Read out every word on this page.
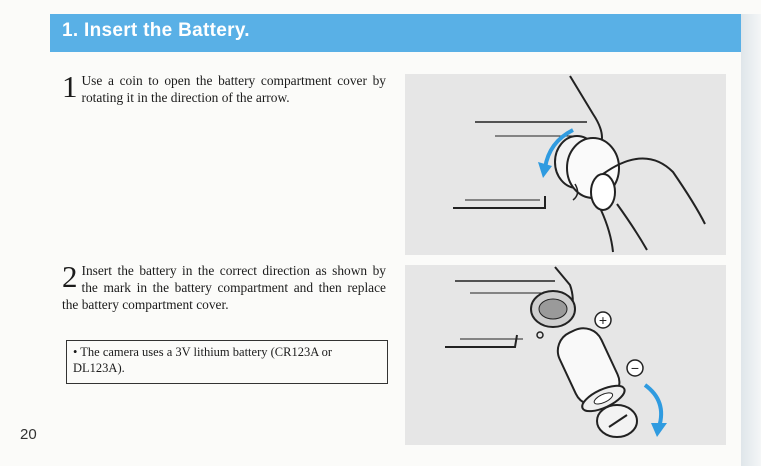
1. Insert the Battery.
1 Use a coin to open the battery compartment cover by rotating it in the direction of the arrow.
2 Insert the battery in the correct direction as shown by the mark in the battery compartment and then replace the battery compartment cover.
• The camera uses a 3V lithium battery (CR123A or DL123A).
20
+
−
